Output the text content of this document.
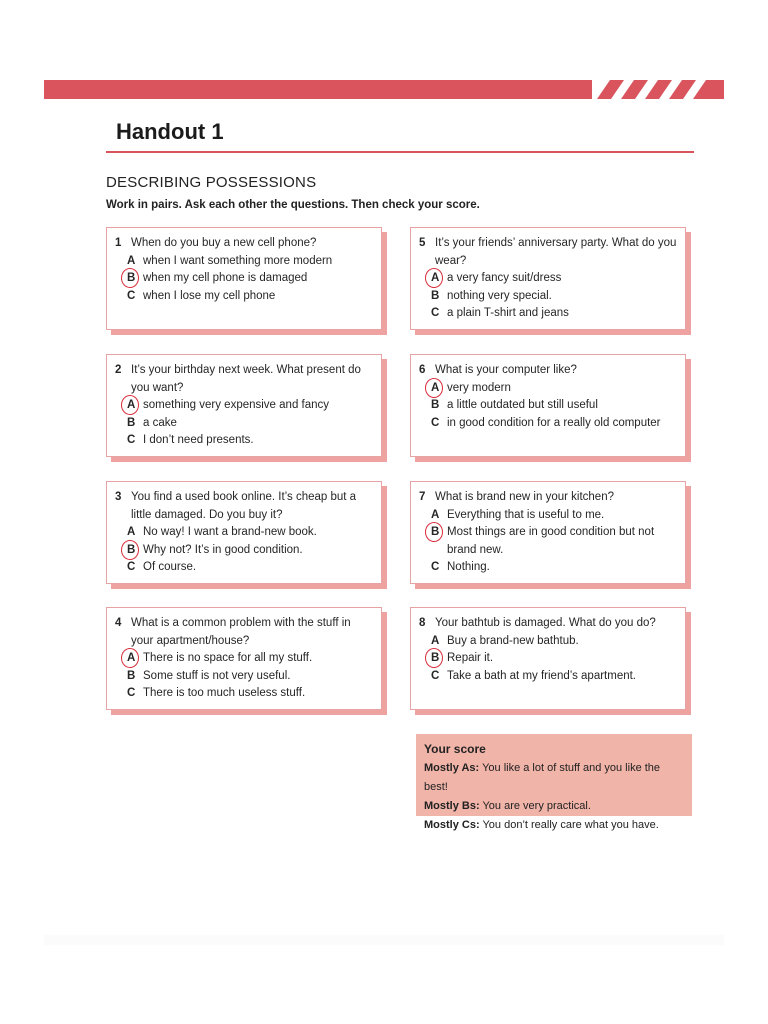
Handout 1
DESCRIBING POSSESSIONS
Work in pairs. Ask each other the questions. Then check your score.
1 When do you buy a new cell phone?
A when I want something more modern
B when my cell phone is damaged
C when I lose my cell phone
2 It’s your birthday next week. What present do you want?
A something very expensive and fancy
B a cake
C I don’t need presents.
3 You find a used book online. It’s cheap but a little damaged. Do you buy it?
A No way! I want a brand-new book.
B Why not? It’s in good condition.
C Of course.
4 What is a common problem with the stuff in your apartment/house?
A There is no space for all my stuff.
B Some stuff is not very useful.
C There is too much useless stuff.
5 It’s your friends’ anniversary party. What do you wear?
A a very fancy suit/dress
B nothing very special.
C a plain T-shirt and jeans
6 What is your computer like?
A very modern
B a little outdated but still useful
C in good condition for a really old computer
7 What is brand new in your kitchen?
A Everything that is useful to me.
B Most things are in good condition but not brand new.
C Nothing.
8 Your bathtub is damaged. What do you do?
A Buy a brand-new bathtub.
B Repair it.
C Take a bath at my friend’s apartment.
Your score
Mostly As: You like a lot of stuff and you like the best!
Mostly Bs: You are very practical.
Mostly Cs: You don’t really care what you have.
